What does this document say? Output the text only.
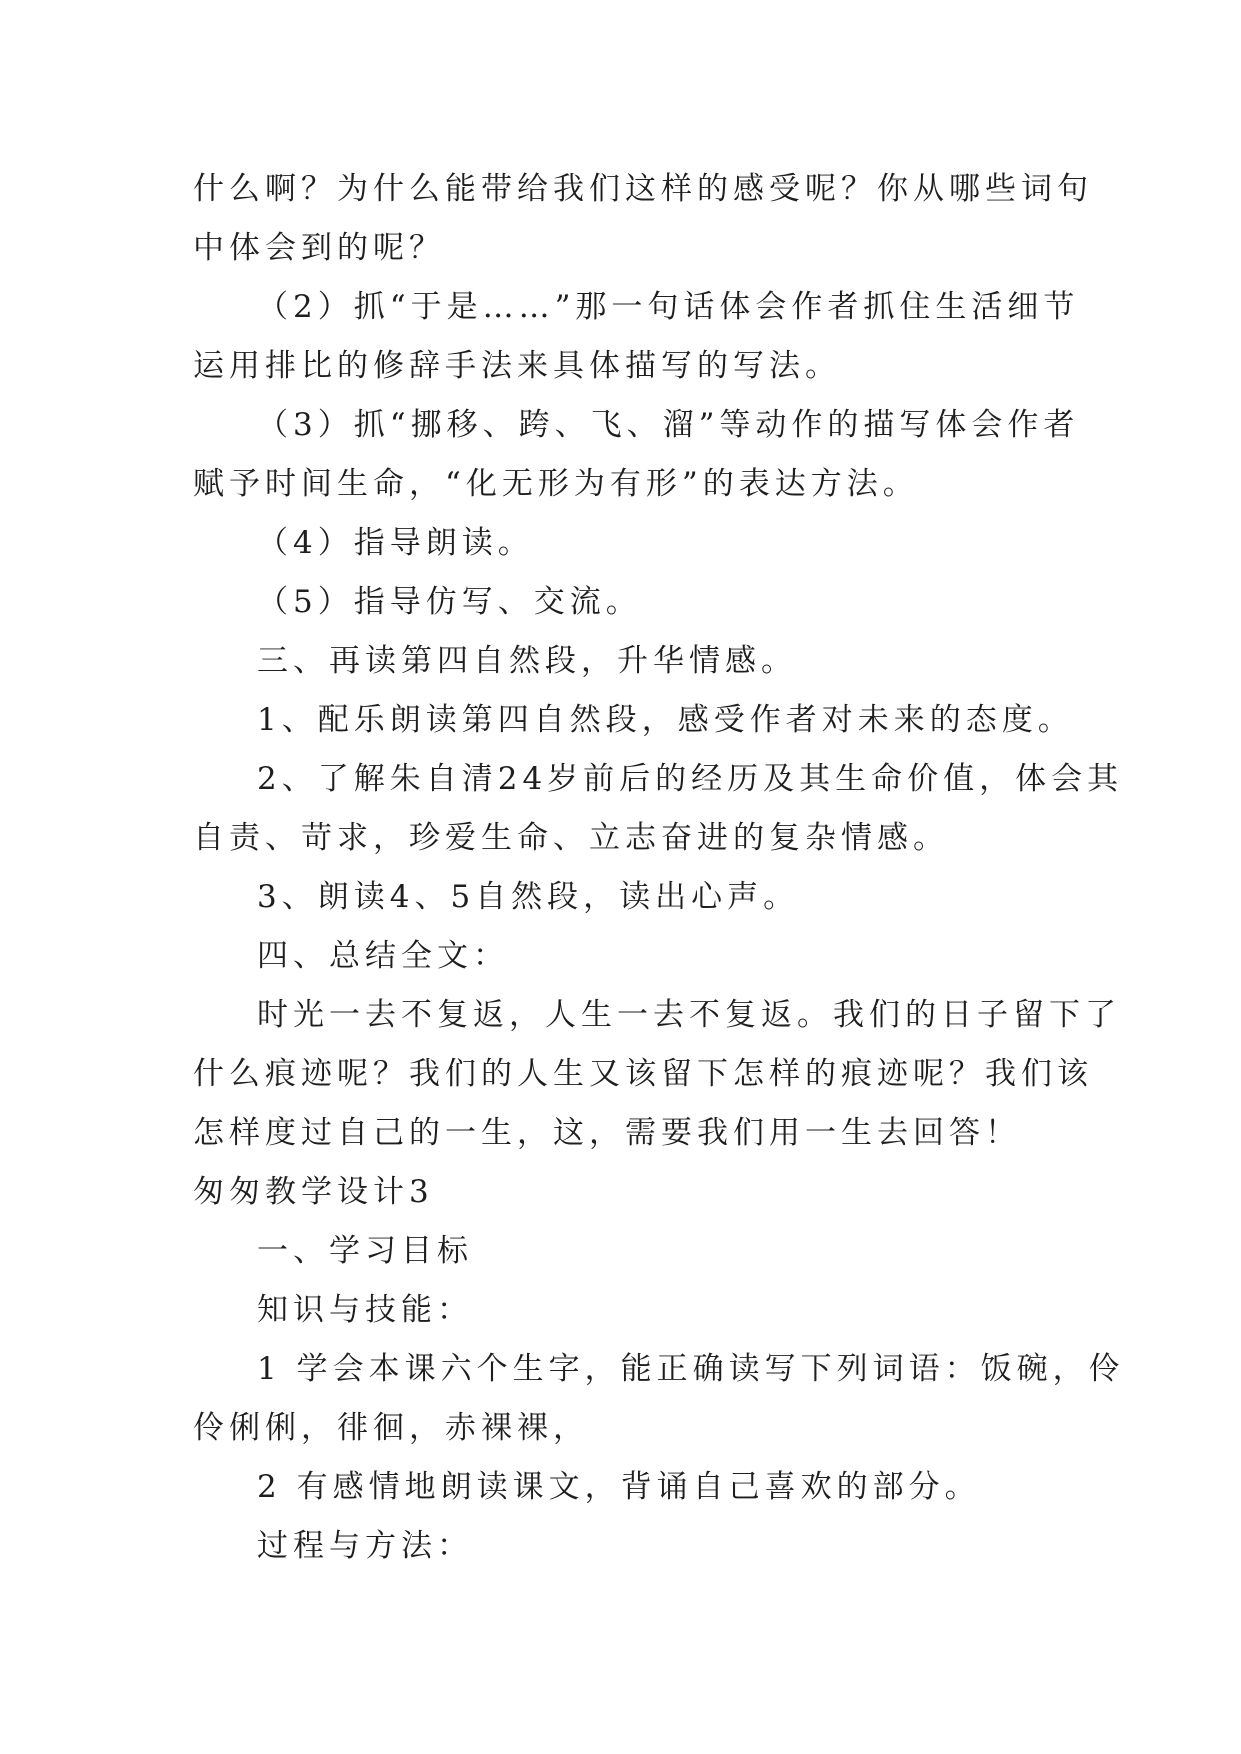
什么啊？为什么能带给我们这样的感受呢？你从哪些词句
中体会到的呢？
（2）抓“于是……”那一句话体会作者抓住生活细节
运用排比的修辞手法来具体描写的写法。
（3）抓“挪移、跨、飞、溜”等动作的描写体会作者
赋予时间生命，“化无形为有形”的表达方法。
（4）指导朗读。
（5）指导仿写、交流。
三、再读第四自然段，升华情感。
1、配乐朗读第四自然段，感受作者对未来的态度。
2、了解朱自清24岁前后的经历及其生命价值，体会其
自责、苛求，珍爱生命、立志奋进的复杂情感。
3、朗读4、5自然段，读出心声。
四、总结全文：
时光一去不复返，人生一去不复返。我们的日子留下了
什么痕迹呢？我们的人生又该留下怎样的痕迹呢？我们该
怎样度过自己的一生，这，需要我们用一生去回答！
匆匆教学设计3
一、学习目标
知识与技能：
1 学会本课六个生字，能正确读写下列词语：饭碗，伶
伶俐俐，徘徊，赤裸裸，
2 有感情地朗读课文，背诵自己喜欢的部分。
过程与方法：
